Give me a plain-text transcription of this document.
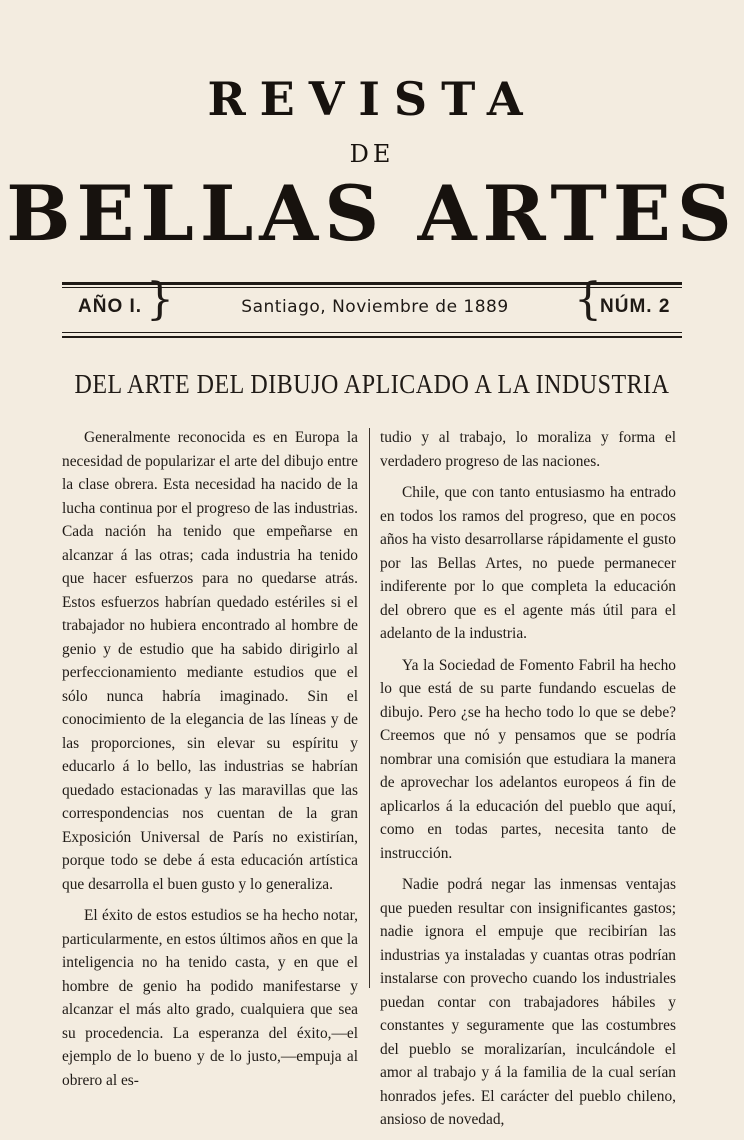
REVISTA
DE
BELLAS ARTES
AÑO I. }	Santiago, Noviembre de 1889	{
NÚM. 2
DEL ARTE DEL DIBUJO APLICADO A LA INDUSTRIA

Generalmente reconocida es en Europa la necesidad de popularizar el arte del dibujo entre la clase obrera. Esta necesidad ha nacido de la lucha continua por el progreso de las industrias. Cada nación ha tenido que empeñarse en alcanzar á las otras; cada industria ha tenido que hacer esfuerzos para no quedarse atrás. Estos esfuerzos habrían quedado estériles si el trabajador no hubiera encontrado al hombre de genio y de estudio que ha sabido dirigirlo al perfeccionamiento mediante estudios que el sólo nunca habría imaginado. Sin el conocimiento de la elegancia de las líneas y de las proporciones, sin elevar su espíritu y educarlo á lo bello, las industrias se habrían quedado estacionadas y las maravillas que las correspondencias nos cuentan de la gran Exposición Universal de París no existirían, porque todo se debe á esta educación artística que desarrolla el buen gusto y lo generaliza.

El éxito de estos estudios se ha hecho notar, particularmente, en estos últimos años en que la inteligencia no ha tenido casta, y en que el hombre de genio ha podido manifestarse y alcanzar el más alto grado, cualquiera que sea su procedencia. La esperanza del éxito,—el ejemplo de lo bueno y de lo justo,—empuja al obrero al es-

tudio y al trabajo, lo moraliza y forma el verdadero progreso de las naciones.

Chile, que con tanto entusiasmo ha entrado en todos los ramos del progreso, que en pocos años ha visto desarrollarse rápidamente el gusto por las Bellas Artes, no puede permanecer indiferente por lo que completa la educación del obrero que es el agente más útil para el adelanto de la industria.

Ya la Sociedad de Fomento Fabril ha hecho lo que está de su parte fundando escuelas de dibujo. Pero ¿se ha hecho todo lo que se debe? Creemos que nó y pensamos que se podría nombrar una comisión que estudiara la manera de aprovechar los adelantos europeos á fin de aplicarlos á la educación del pueblo que aquí, como en todas partes, necesita tanto de instrucción.

Nadie podrá negar las inmensas ventajas que pueden resultar con insignificantes gastos; nadie ignora el empuje que recibirían las industrias ya instaladas y cuantas otras podrían instalarse con provecho cuando los industriales puedan contar con trabajadores hábiles y constantes y seguramente que las costumbres del pueblo se moralizarían, inculcándole el amor al trabajo y á la familia de la cual serían honrados jefes. El carácter del pueblo chileno, ansioso de novedad,
